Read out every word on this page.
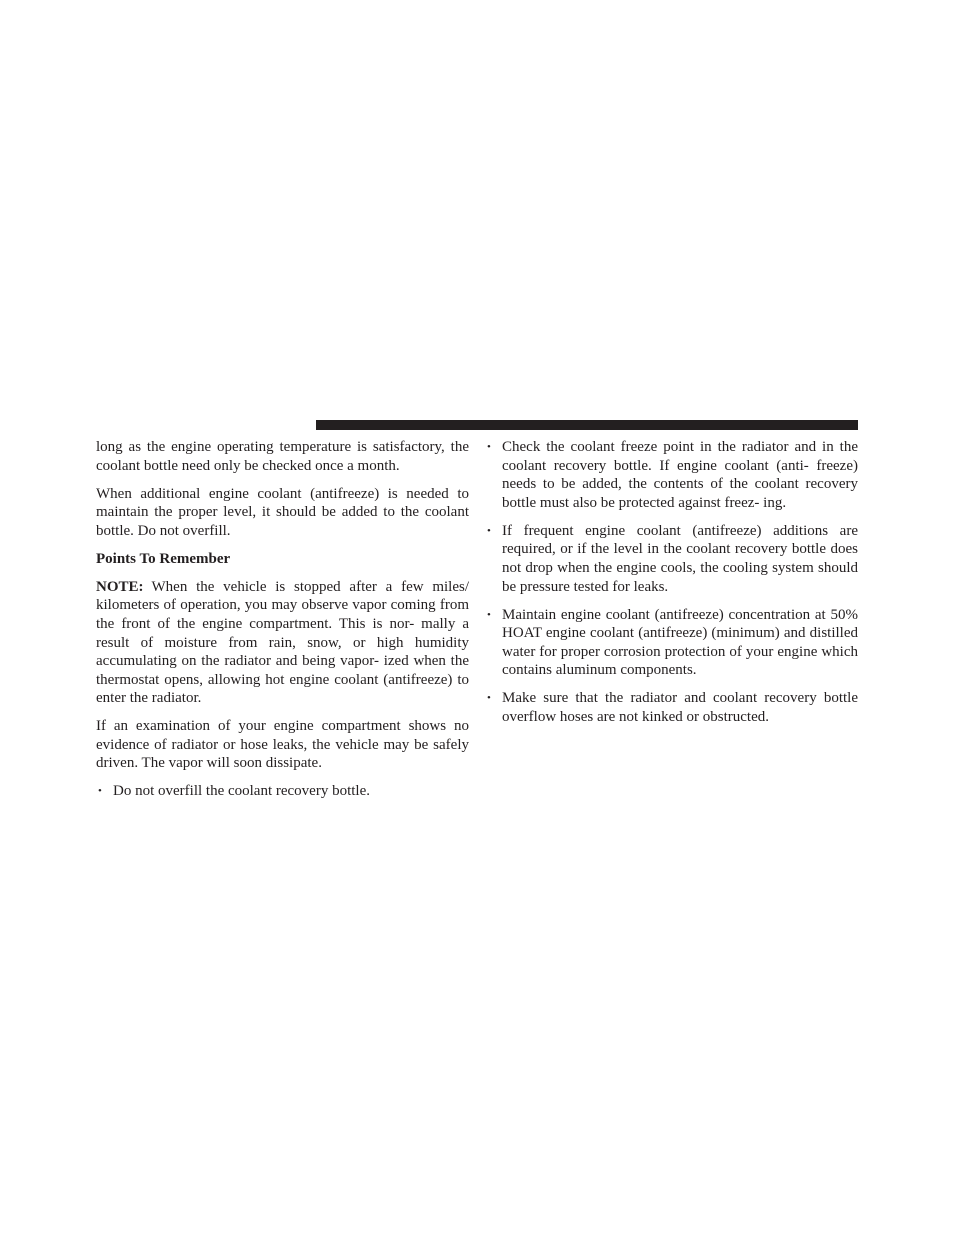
long as the engine operating temperature is satisfactory, the coolant bottle need only be checked once a month.

When additional engine coolant (antifreeze) is needed to maintain the proper level, it should be added to the coolant bottle. Do not overfill.

Points To Remember

NOTE: When the vehicle is stopped after a few miles/ kilometers of operation, you may observe vapor coming from the front of the engine compartment. This is nor- mally a result of moisture from rain, snow, or high humidity accumulating on the radiator and being vapor- ized when the thermostat opens, allowing hot engine coolant (antifreeze) to enter the radiator.

If an examination of your engine compartment shows no evidence of radiator or hose leaks, the vehicle may be safely driven. The vapor will soon dissipate.

• Do not overfill the coolant recovery bottle.
• Check the coolant freeze point in the radiator and in the coolant recovery bottle. If engine coolant (anti- freeze) needs to be added, the contents of the coolant recovery bottle must also be protected against freez- ing.
• If frequent engine coolant (antifreeze) additions are required, or if the level in the coolant recovery bottle does not drop when the engine cools, the cooling system should be pressure tested for leaks.
• Maintain engine coolant (antifreeze) concentration at 50% HOAT engine coolant (antifreeze) (minimum) and distilled water for proper corrosion protection of your engine which contains aluminum components.
• Make sure that the radiator and coolant recovery bottle overflow hoses are not kinked or obstructed.
